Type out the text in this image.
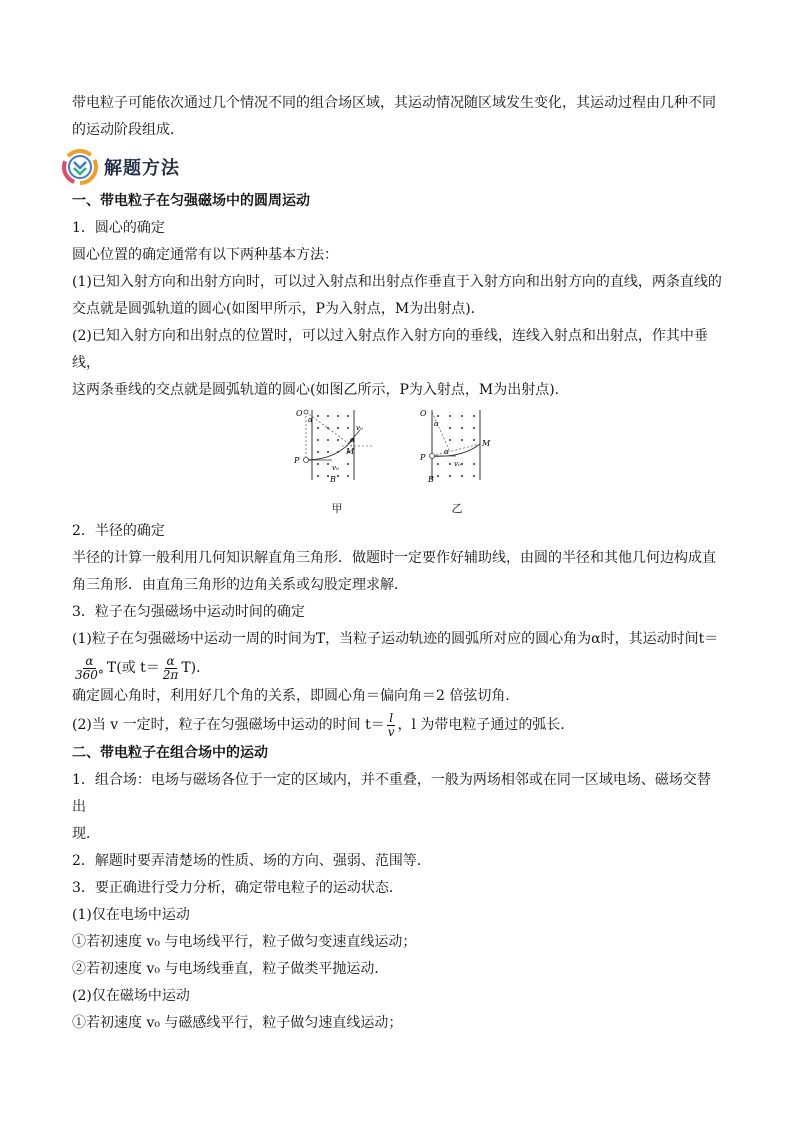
带电粒子可能依次通过几个情况不同的组合场区域，其运动情况随区域发生变化，其运动过程由几种不同

的运动阶段组成．

解题方法

一、带电粒子在匀强磁场中的圆周运动

1．圆心的确定

圆心位置的确定通常有以下两种基本方法：

(1)已知入射方向和出射方向时，可以过入射点和出射点作垂直于入射方向和出射方向的直线，两条直线的

交点就是圆弧轨道的圆心(如图甲所示，P为入射点，M为出射点)．

(2)已知入射方向和出射点的位置时，可以过入射点作入射方向的垂线，连线入射点和出射点，作其中垂线，

这两条垂线的交点就是圆弧轨道的圆心(如图乙所示，P为入射点，M为出射点)．

O
α
α
v₀
M
P
v₀
B
甲
O
α
α
M
P
v₀
B
乙

2．半径的确定

半径的计算一般利用几何知识解直角三角形．做题时一定要作好辅助线，由圆的半径和其他几何边构成直

角三角形．由直角三角形的边角关系或勾股定理求解．

3．粒子在匀强磁场中运动时间的确定

(1)粒子在匀强磁场中运动一周的时间为T，当粒子运动轨迹的圆弧所对应的圆心角为α时，其运动时间t＝

$\frac{\alpha}{360^\circ} T$(或 $t= \frac{\alpha}{2\pi} T$)．

确定圆心角时，利用好几个角的关系，即圆心角＝偏向角＝2 倍弦切角．

(2)当 v 一定时，粒子在匀强磁场中运动的时间 $t= \frac{l}{v}$ ，l 为带电粒子通过的弧长．

二、带电粒子在组合场中的运动

1．组合场：电场与磁场各位于一定的区域内，并不重叠，一般为两场相邻或在同一区域电场、磁场交替出

现．

2．解题时要弄清楚场的性质、场的方向、强弱、范围等．

3．要正确进行受力分析，确定带电粒子的运动状态．

(1)仅在电场中运动

①若初速度 v₀ 与电场线平行，粒子做匀变速直线运动；

②若初速度 v₀ 与电场线垂直，粒子做类平抛运动．

(2)仅在磁场中运动

①若初速度 v₀ 与磁感线平行，粒子做匀速直线运动；
